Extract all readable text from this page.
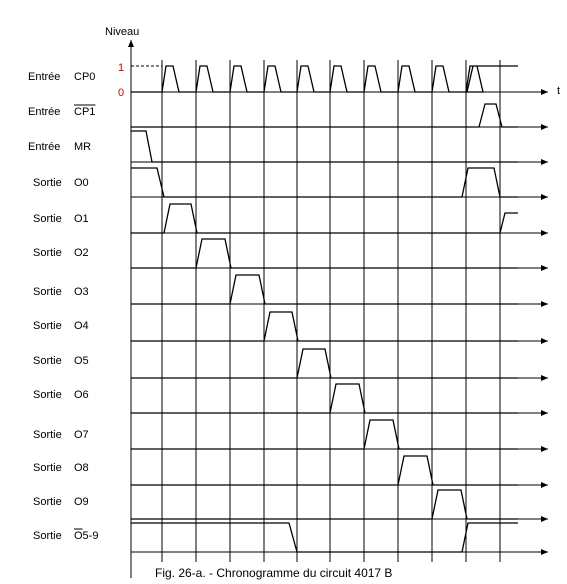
Niveau
1
0	t
Entrée CP0
Entrée CP1
Entrée MR
Sortie O0
Sortie O1
Sortie O2
Sortie O3
Sortie O4
Sortie O5
Sortie O6
Sortie O7
Sortie O8
Sortie O9
Sortie O5-9
Fig. 26-a. - Chronogramme du circuit 4017 B
